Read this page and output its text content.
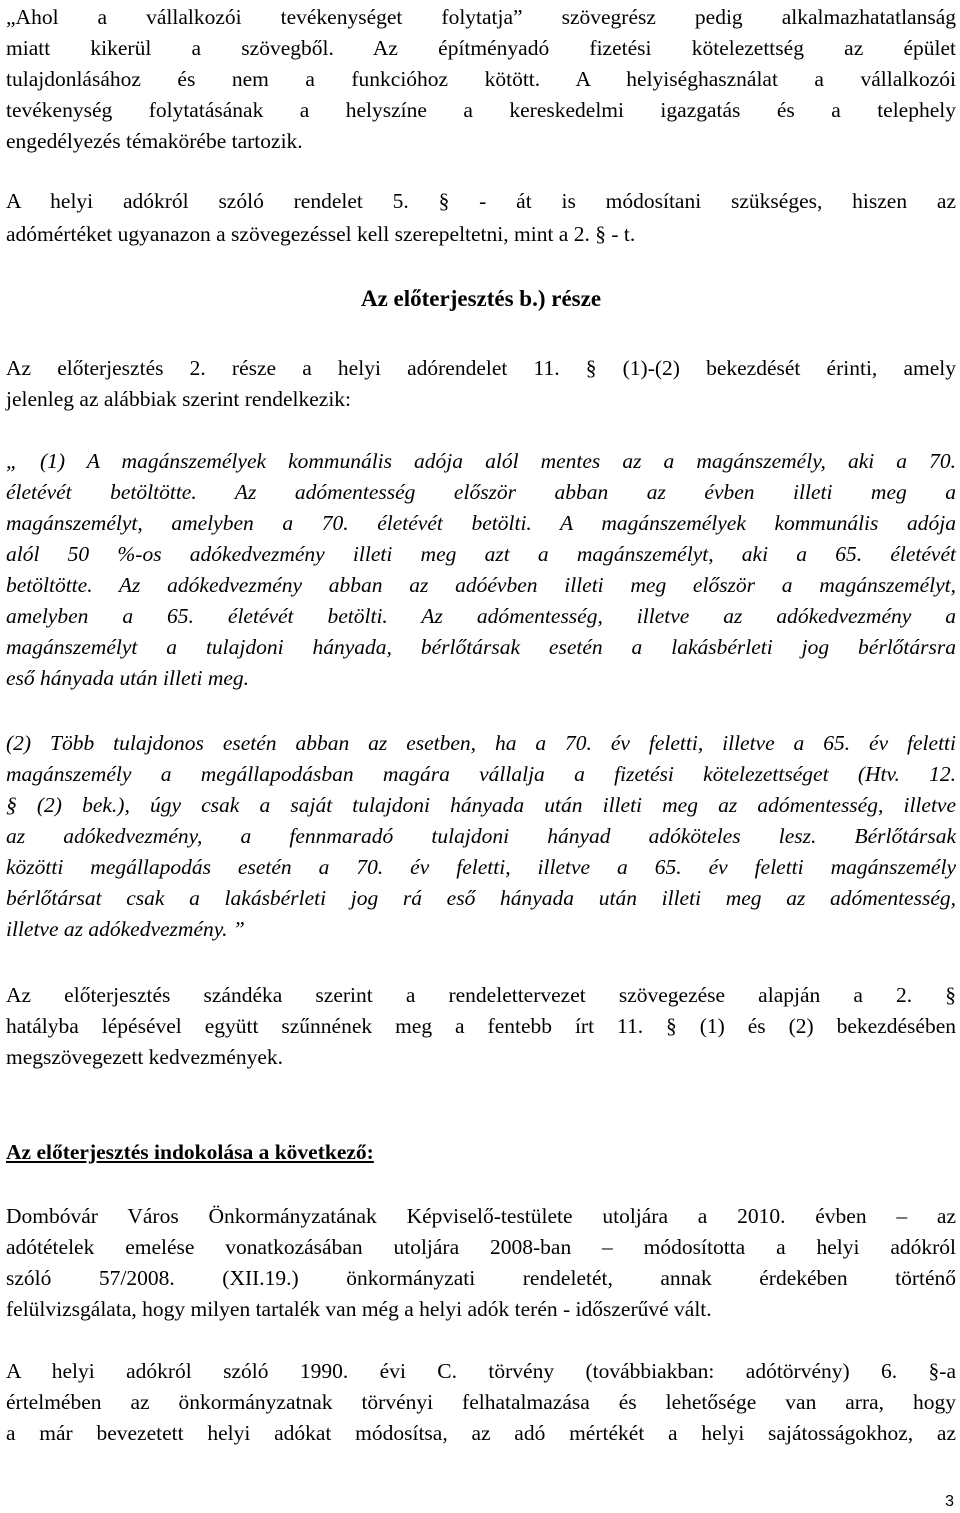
„Ahol a vállalkozói tevékenységet folytatja” szövegrész pedig alkalmazhatatlanság
miatt kikerül a szövegből. Az építményadó fizetési kötelezettség az épület
tulajdonlásához és nem a funkcióhoz kötött. A helyiséghasználat a vállalkozói
tevékenység folytatásának a helyszíne a kereskedelmi igazgatás és a telephely
engedélyezés témakörébe tartozik.
A helyi adókról szóló rendelet 5. § - át is módosítani szükséges, hiszen az
adómértéket ugyanazon a szövegezéssel kell szerepeltetni, mint a 2. § - t.
Az előterjesztés b.) része
Az előterjesztés 2. része a helyi adórendelet 11. § (1)-(2) bekezdését érinti, amely
jelenleg az alábbiak szerint rendelkezik:
„ (1) A magánszemélyek kommunális adója alól mentes az a magánszemély, aki a 70.
életévét betöltötte. Az adómentesség először abban az évben illeti meg a
magánszemélyt, amelyben a 70. életévét betölti. A magánszemélyek kommunális adója
alól 50 %-os adókedvezmény illeti meg azt a magánszemélyt, aki a 65. életévét
betöltötte. Az adókedvezmény abban az adóévben illeti meg először a magánszemélyt,
amelyben a 65. életévét betölti. Az adómentesség, illetve az adókedvezmény a
magánszemélyt a tulajdoni hányada, bérlőtársak esetén a lakásbérleti jog bérlőtársra
eső hányada után illeti meg.
(2) Több tulajdonos esetén abban az esetben, ha a 70. év feletti, illetve a 65. év feletti
magánszemély a megállapodásban magára vállalja a fizetési kötelezettséget (Htv. 12.
§ (2) bek.), úgy csak a saját tulajdoni hányada után illeti meg az adómentesség, illetve
az adókedvezmény, a fennmaradó tulajdoni hányad adóköteles lesz. Bérlőtársak
közötti megállapodás esetén a 70. év feletti, illetve a 65. év feletti magánszemély
bérlőtársat csak a lakásbérleti jog rá eső hányada után illeti meg az adómentesség,
illetve az adókedvezmény. ”
Az előterjesztés szándéka szerint a rendelettervezet szövegezése alapján a 2. §
hatályba lépésével együtt szűnnének meg a fentebb írt 11. § (1) és (2) bekezdésében
megszövegezett kedvezmények.
Az előterjesztés indokolása a következő:
Dombóvár Város Önkormányzatának Képviselő-testülete utoljára a 2010. évben – az
adótételek emelése vonatkozásában utoljára 2008-ban – módosította a helyi adókról
szóló 57/2008. (XII.19.) önkormányzati rendeletét, annak érdekében történő
felülvizsgálata, hogy milyen tartalék van még a helyi adók terén - időszerűvé vált.
A helyi adókról szóló 1990. évi C. törvény (továbbiakban: adótörvény) 6. §-a
értelmében az önkormányzatnak törvényi felhatalmazása és lehetősége van arra, hogy
a már bevezetett helyi adókat módosítsa, az adó mértékét a helyi sajátosságokhoz, az
3
